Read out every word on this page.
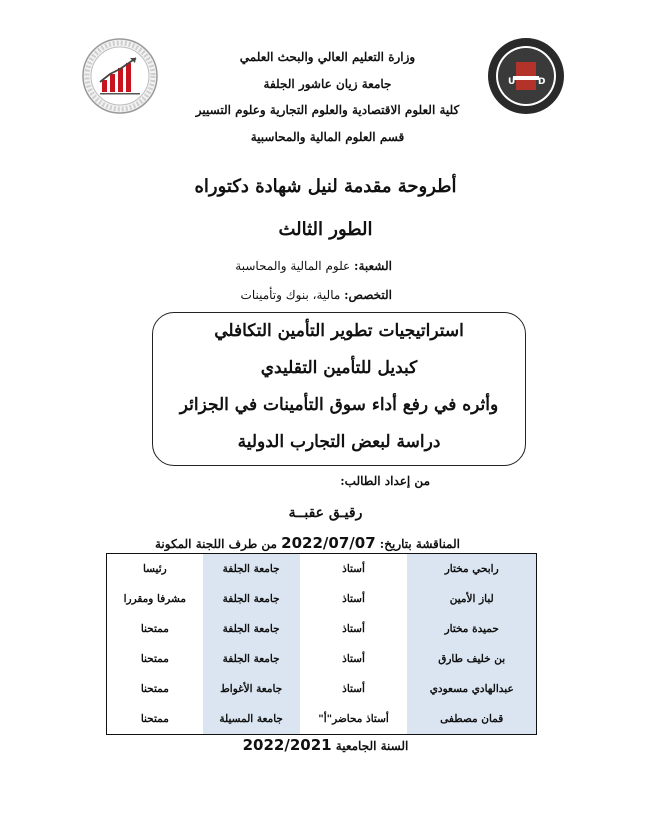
U	D
وزارة التعليم العالي والبحث العلمي
جامعة زيان عاشور الجلفة
كلية العلوم الاقتصادية والعلوم التجارية وعلوم التسيير
قسم العلوم المالية والمحاسبية
أطروحة مقدمة لنيل شهادة دكتوراه
الطور الثالث
الشعبة: علوم المالية والمحاسبة
التخصص: مالية، بنوك وتأمينات
استراتيجيات تطوير التأمين التكافلي
كبديل للتأمين التقليدي
وأثره في رفع أداء سوق التأمينات في الجزائر
دراسة لبعض التجارب الدولية
من إعداد الطالب:
رقيـق عقبــة
المناقشة بتاريخ: 2022/07/07 من طرف اللجنة المكونة
رابحي مختار	أستاذ	جامعة الجلفة	رئيسا
لباز الأمين	أستاذ	جامعة الجلفة	مشرفا ومقررا
حميدة مختار	أستاذ	جامعة الجلفة	ممتحنا
بن خليف طارق	أستاذ	جامعة الجلفة	ممتحنا
عبدالهادي مسعودي	أستاذ	جامعة الأغواط	ممتحنا
قمان مصطفى	أستاذ محاضر"أ"	جامعة المسيلة	ممتحنا
السنة الجامعية 2022/2021
